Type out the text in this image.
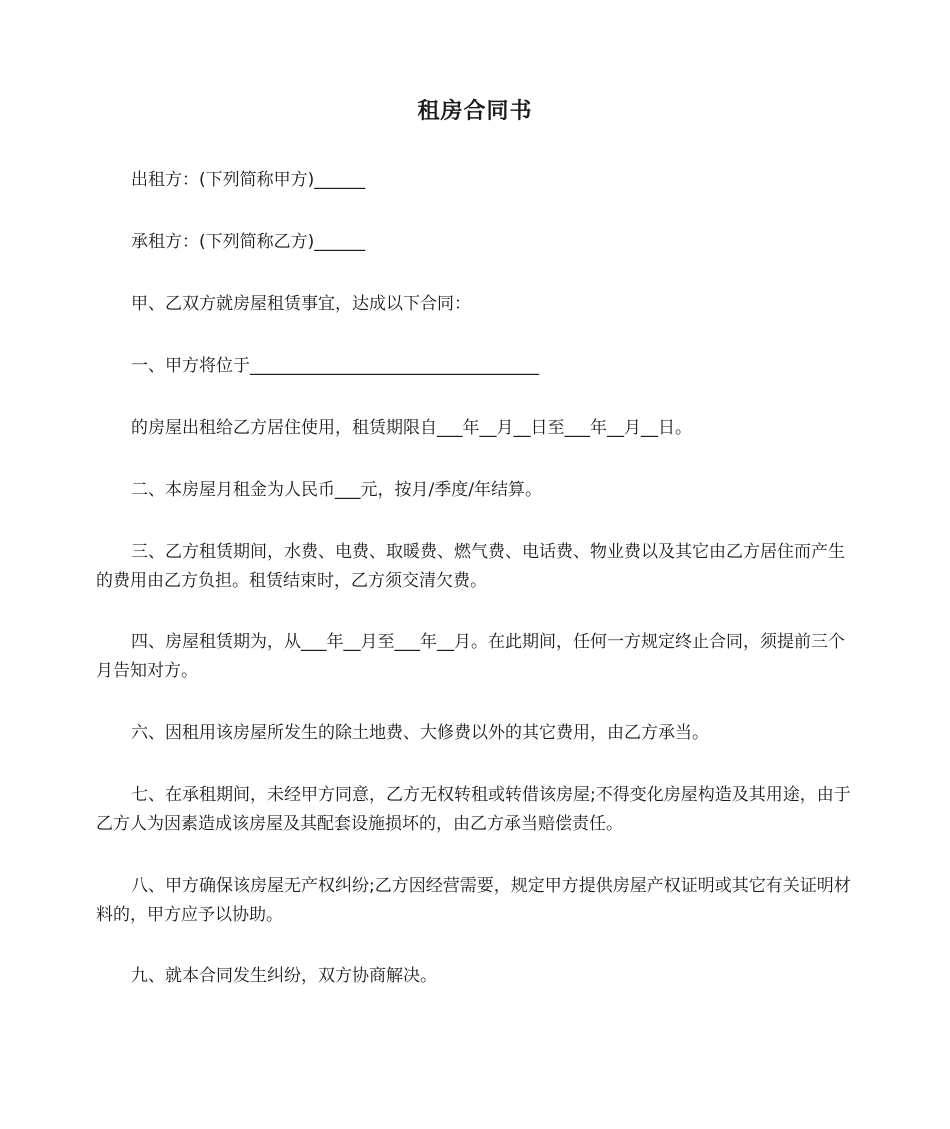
租房合同书

出租方：(下列简称甲方)______

承租方：(下列简称乙方)______

甲、乙双方就房屋租赁事宜，达成以下合同：

一、甲方将位于__________________________________

的房屋出租给乙方居住使用，租赁期限自___年__月__日至___年__月__日。

二、本房屋月租金为人民币___元，按月/季度/年结算。

三、乙方租赁期间，水费、电费、取暖费、燃气费、电话费、物业费以及其它由乙方居住而产生的费用由乙方负担。租赁结束时，乙方须交清欠费。

四、房屋租赁期为，从___年__月至___年__月。在此期间，任何一方规定终止合同，须提前三个月告知对方。

六、因租用该房屋所发生的除土地费、大修费以外的其它费用，由乙方承当。

七、在承租期间，未经甲方同意，乙方无权转租或转借该房屋;不得变化房屋构造及其用途，由于乙方人为因素造成该房屋及其配套设施损坏的，由乙方承当赔偿责任。

八、甲方确保该房屋无产权纠纷;乙方因经营需要，规定甲方提供房屋产权证明或其它有关证明材料的，甲方应予以协助。

九、就本合同发生纠纷，双方协商解决。
